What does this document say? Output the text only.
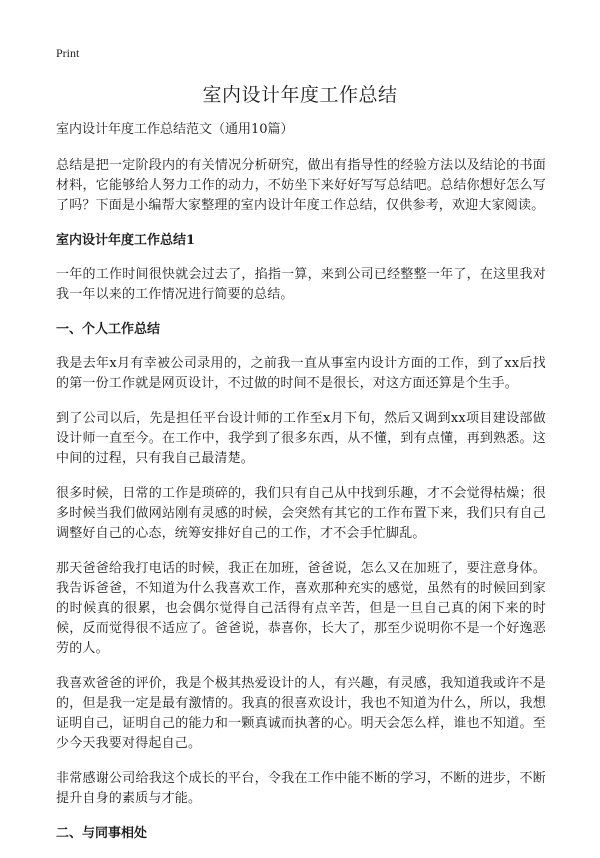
Print
室内设计年度工作总结
室内设计年度工作总结范文（通用10篇）

总结是把一定阶段内的有关情况分析研究，做出有指导性的经验方法以及结论的书面材料，它能够给人努力工作的动力，不妨坐下来好好写写总结吧。总结你想好怎么写了吗？下面是小编帮大家整理的室内设计年度工作总结，仅供参考，欢迎大家阅读。

室内设计年度工作总结1

一年的工作时间很快就会过去了，掐指一算，来到公司已经整整一年了，在这里我对我一年以来的工作情况进行简要的总结。

一、个人工作总结

我是去年x月有幸被公司录用的，之前我一直从事室内设计方面的工作，到了xx后找的第一份工作就是网页设计，不过做的时间不是很长，对这方面还算是个生手。

到了公司以后，先是担任平台设计师的工作至x月下旬，然后又调到xx项目建设部做设计师一直至今。在工作中，我学到了很多东西，从不懂，到有点懂，再到熟悉。这中间的过程，只有我自己最清楚。

很多时候，日常的工作是琐碎的，我们只有自己从中找到乐趣，才不会觉得枯燥；很多时候当我们做网站刚有灵感的时候，会突然有其它的工作布置下来，我们只有自己调整好自己的心态，统筹安排好自己的工作，才不会手忙脚乱。

那天爸爸给我打电话的时候，我正在加班，爸爸说，怎么又在加班了，要注意身体。我告诉爸爸，不知道为什么我喜欢工作，喜欢那种充实的感觉，虽然有的时候回到家的时候真的很累，也会偶尔觉得自己活得有点辛苦，但是一旦自己真的闲下来的时候，反而觉得很不适应了。爸爸说，恭喜你，长大了，那至少说明你不是一个好逸恶劳的人。

我喜欢爸爸的评价，我是个极其热爱设计的人，有兴趣，有灵感，我知道我或许不是的，但是我一定是最有激情的。我真的很喜欢设计，我也不知道为什么，所以，我想证明自己，证明自己的能力和一颗真诚而执著的心。明天会怎么样，谁也不知道。至少今天我要对得起自己。

非常感谢公司给我这个成长的平台，令我在工作中能不断的学习，不断的进步，不断提升自身的素质与才能。

二、与同事相处
